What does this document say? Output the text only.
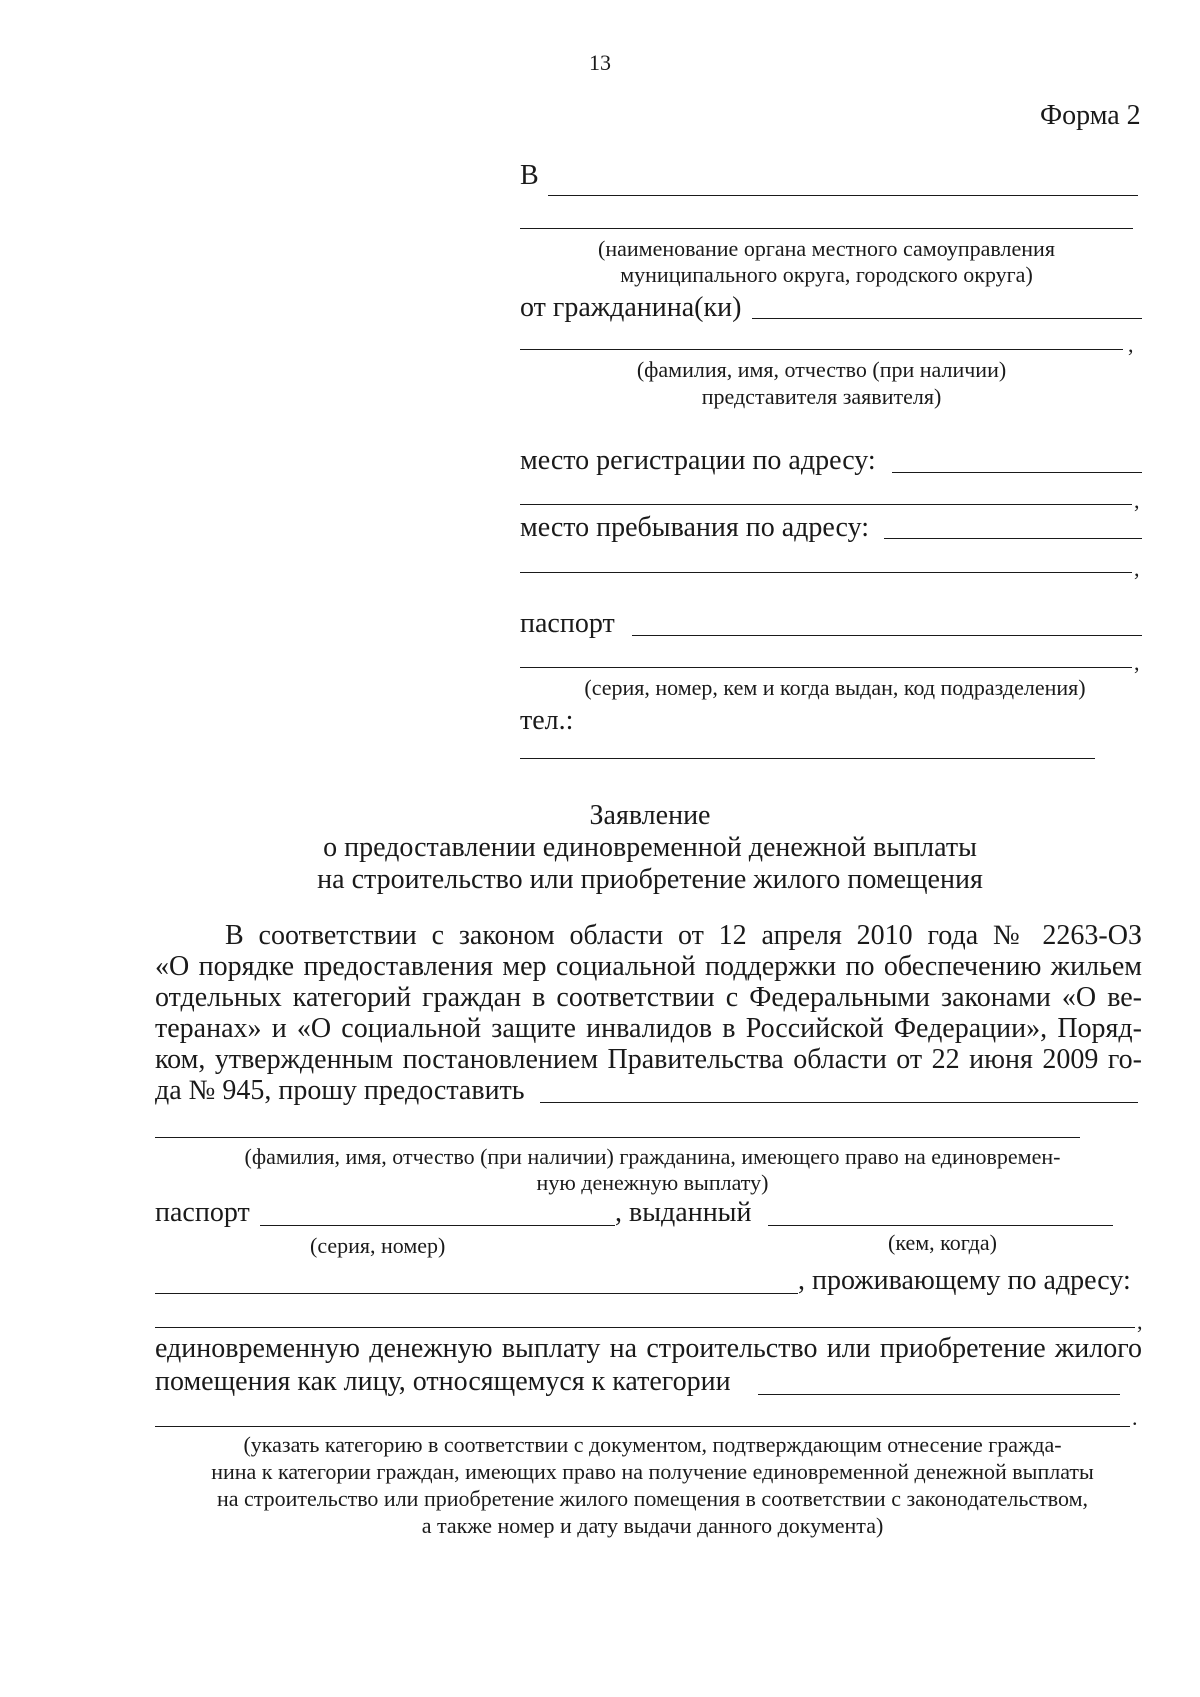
13
Форма 2
В
(наименование органа местного самоуправления
муниципального округа, городского округа)
от гражданина(ки)
,
(фамилия, имя, отчество (при наличии)
представителя заявителя)
место регистрации по адресу:
,
место пребывания по адресу:
,
паспорт
,
(серия, номер, кем и когда выдан, код подразделения)
тел.:
Заявление
о предоставлении единовременной денежной выплаты
на строительство или приобретение жилого помещения
В соответствии с законом области от 12 апреля 2010 года № 2263-ОЗ
«О порядке предоставления мер социальной поддержки по обеспечению жильем
отдельных категорий граждан в соответствии с Федеральными законами «О ве-
теранах» и «О социальной защите инвалидов в Российской Федерации», Поряд-
ком, утвержденным постановлением Правительства области от 22 июня 2009 го-
да № 945, прошу предоставить
(фамилия, имя, отчество (при наличии) гражданина, имеющего право на единовремен-
ную денежную выплату)
паспорт	, выданный
(серия, номер)	(кем, когда)
, проживающему по адресу:
,
единовременную денежную выплату на строительство или приобретение жилого
помещения как лицу, относящемуся к категории
.
(указать категорию в соответствии с документом, подтверждающим отнесение гражда-
нина к категории граждан, имеющих право на получение единовременной денежной выплаты
на строительство или приобретение жилого помещения в соответствии с законодательством,
а также номер и дату выдачи данного документа)
